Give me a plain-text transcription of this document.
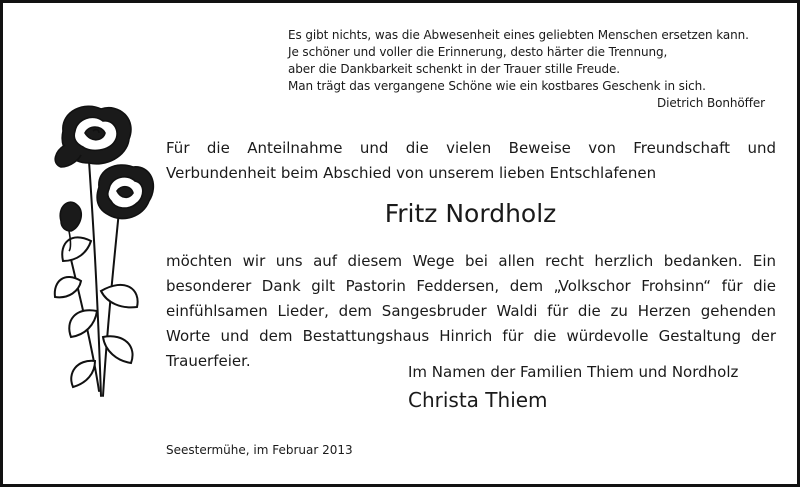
Es gibt nichts, was die Abwesenheit eines geliebten Menschen ersetzen kann.
Je schöner und voller die Erinnerung, desto härter die Trennung,
aber die Dankbarkeit schenkt in der Trauer stille Freude.
Man trägt das vergangene Schöne wie ein kostbares Geschenk in sich.
Dietrich Bonhöffer
Für die Anteilnahme und die vielen Beweise von Freundschaft und Verbundenheit beim Abschied von unserem lieben Entschlafenen
Fritz Nordholz
möchten wir uns auf diesem Wege bei allen recht herzlich bedanken. Ein besonderer Dank gilt Pastorin Feddersen, dem „Volkschor Frohsinn“ für die einfühlsamen Lieder, dem Sangesbruder Waldi für die zu Herzen gehenden Worte und dem Bestattungshaus Hinrich für die würdevolle Gestaltung der Trauerfeier.
Im Namen der Familien Thiem und Nordholz
Christa Thiem
Seestermühe, im Februar 2013
